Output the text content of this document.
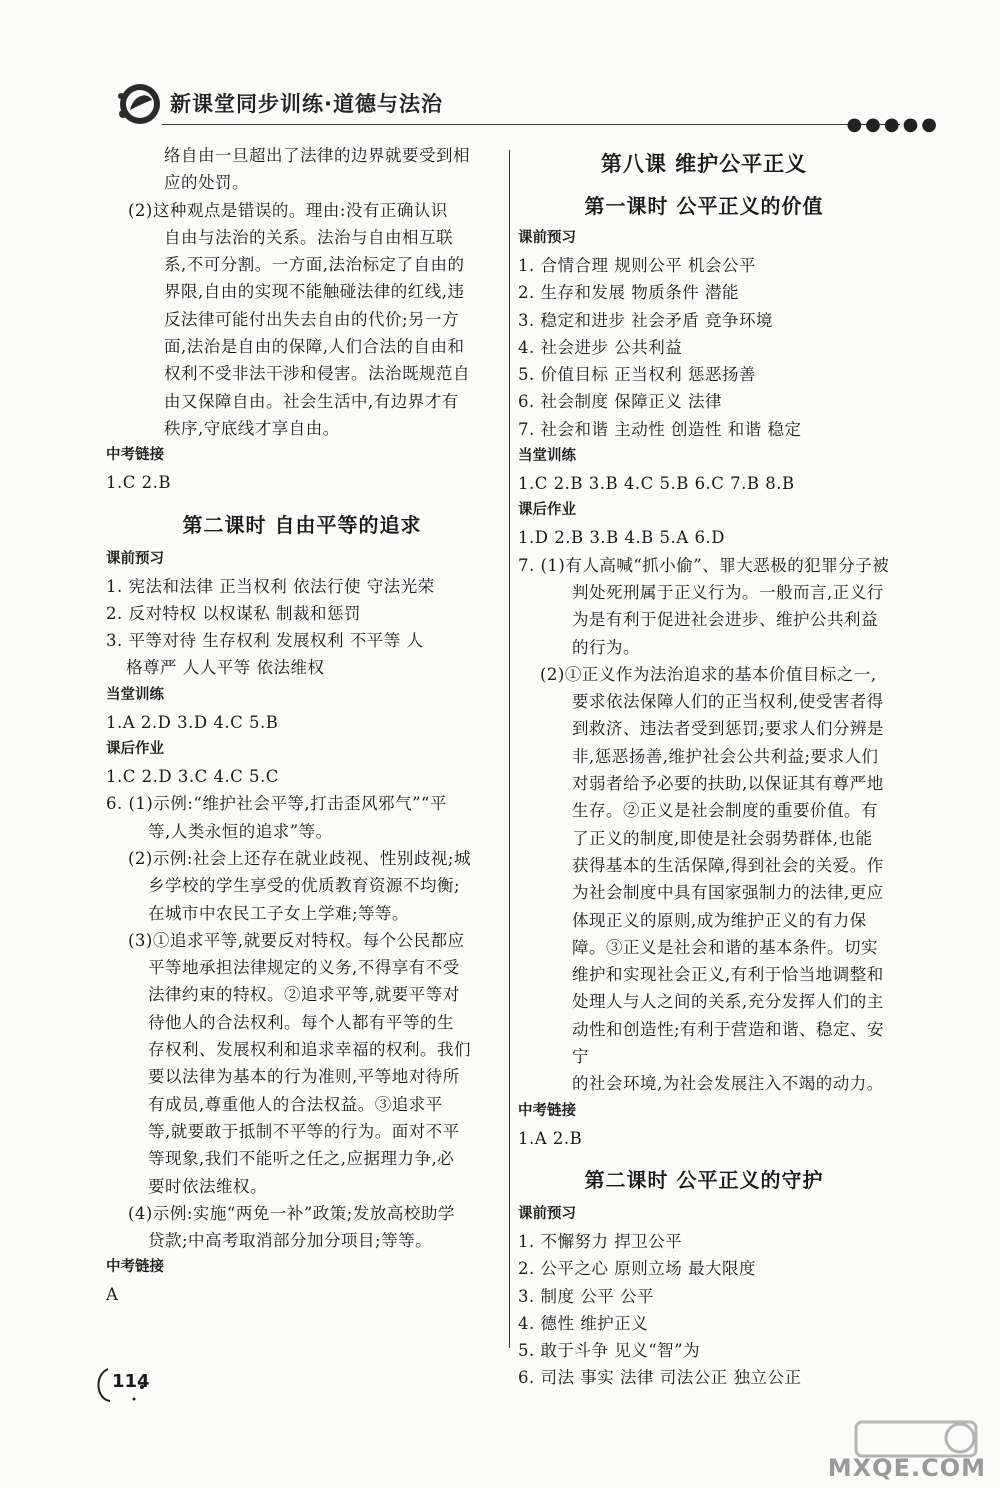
新课堂同步训练·道德与法治
●●●●●

络自由一旦超出了法律的边界就要受到相

应的处罚。

(2)这种观点是错误的。理由:没有正确认识

自由与法治的关系。法治与自由相互联

系,不可分割。一方面,法治标定了自由的

界限,自由的实现不能触碰法律的红线,违

反法律可能付出失去自由的代价;另一方

面,法治是自由的保障,人们合法的自由和

权利不受非法干涉和侵害。法治既规范自

由又保障自由。社会生活中,有边界才有

秩序,守底线才享自由。

中考链接

1.C 2.B

第二课时 自由平等的追求

课前预习

1. 宪法和法律 正当权利 依法行使 守法光荣

2. 反对特权 以权谋私 制裁和惩罚

3. 平等对待 生存权利 发展权利 不平等 人

格尊严 人人平等 依法维权

当堂训练

1.A 2.D 3.D 4.C 5.B

课后作业

1.C 2.D 3.C 4.C 5.C

6. (1)示例:“维护社会平等,打击歪风邪气”“平

等,人类永恒的追求”等。

(2)示例:社会上还存在就业歧视、性别歧视;城

乡学校的学生享受的优质教育资源不均衡;

在城市中农民工子女上学难;等等。

(3)①追求平等,就要反对特权。每个公民都应

平等地承担法律规定的义务,不得享有不受

法律约束的特权。②追求平等,就要平等对

待他人的合法权利。每个人都有平等的生

存权利、发展权利和追求幸福的权利。我们

要以法律为基本的行为准则,平等地对待所

有成员,尊重他人的合法权益。③追求平

等,就要敢于抵制不平等的行为。面对不平

等现象,我们不能听之任之,应据理力争,必

要时依法维权。

(4)示例:实施“两免一补”政策;发放高校助学

贷款;中高考取消部分加分项目;等等。

中考链接

A

第八课 维护公平正义

第一课时 公平正义的价值

课前预习

1. 合情合理 规则公平 机会公平

2. 生存和发展 物质条件 潜能

3. 稳定和进步 社会矛盾 竞争环境

4. 社会进步 公共利益

5. 价值目标 正当权利 惩恶扬善

6. 社会制度 保障正义 法律

7. 社会和谐 主动性 创造性 和谐 稳定

当堂训练

1.C 2.B 3.B 4.C 5.B 6.C 7.B 8.B

课后作业

1.D 2.B 3.B 4.B 5.A 6.D

7. (1)有人高喊“抓小偷”、罪大恶极的犯罪分子被

判处死刑属于正义行为。一般而言,正义行

为是有利于促进社会进步、维护公共利益

的行为。

(2)①正义作为法治追求的基本价值目标之一,

要求依法保障人们的正当权利,使受害者得

到救济、违法者受到惩罚;要求人们分辨是

非,惩恶扬善,维护社会公共利益;要求人们

对弱者给予必要的扶助,以保证其有尊严地

生存。②正义是社会制度的重要价值。有

了正义的制度,即使是社会弱势群体,也能

获得基本的生活保障,得到社会的关爱。作

为社会制度中具有国家强制力的法律,更应

体现正义的原则,成为维护正义的有力保

障。③正义是社会和谐的基本条件。切实

维护和实现社会正义,有利于恰当地调整和

处理人与人之间的关系,充分发挥人们的主

动性和创造性;有利于营造和谐、稳定、安宁

的社会环境,为社会发展注入不竭的动力。

中考链接

1.A 2.B

第二课时 公平正义的守护

课前预习

1. 不懈努力 捍卫公平

2. 公平之心 原则立场 最大限度

3. 制度 公平 公平

4. 德性 维护正义

5. 敢于斗争 见义“智”为

6. 司法 事实 法律 司法公正 独立公正

114
MXQE.COM
